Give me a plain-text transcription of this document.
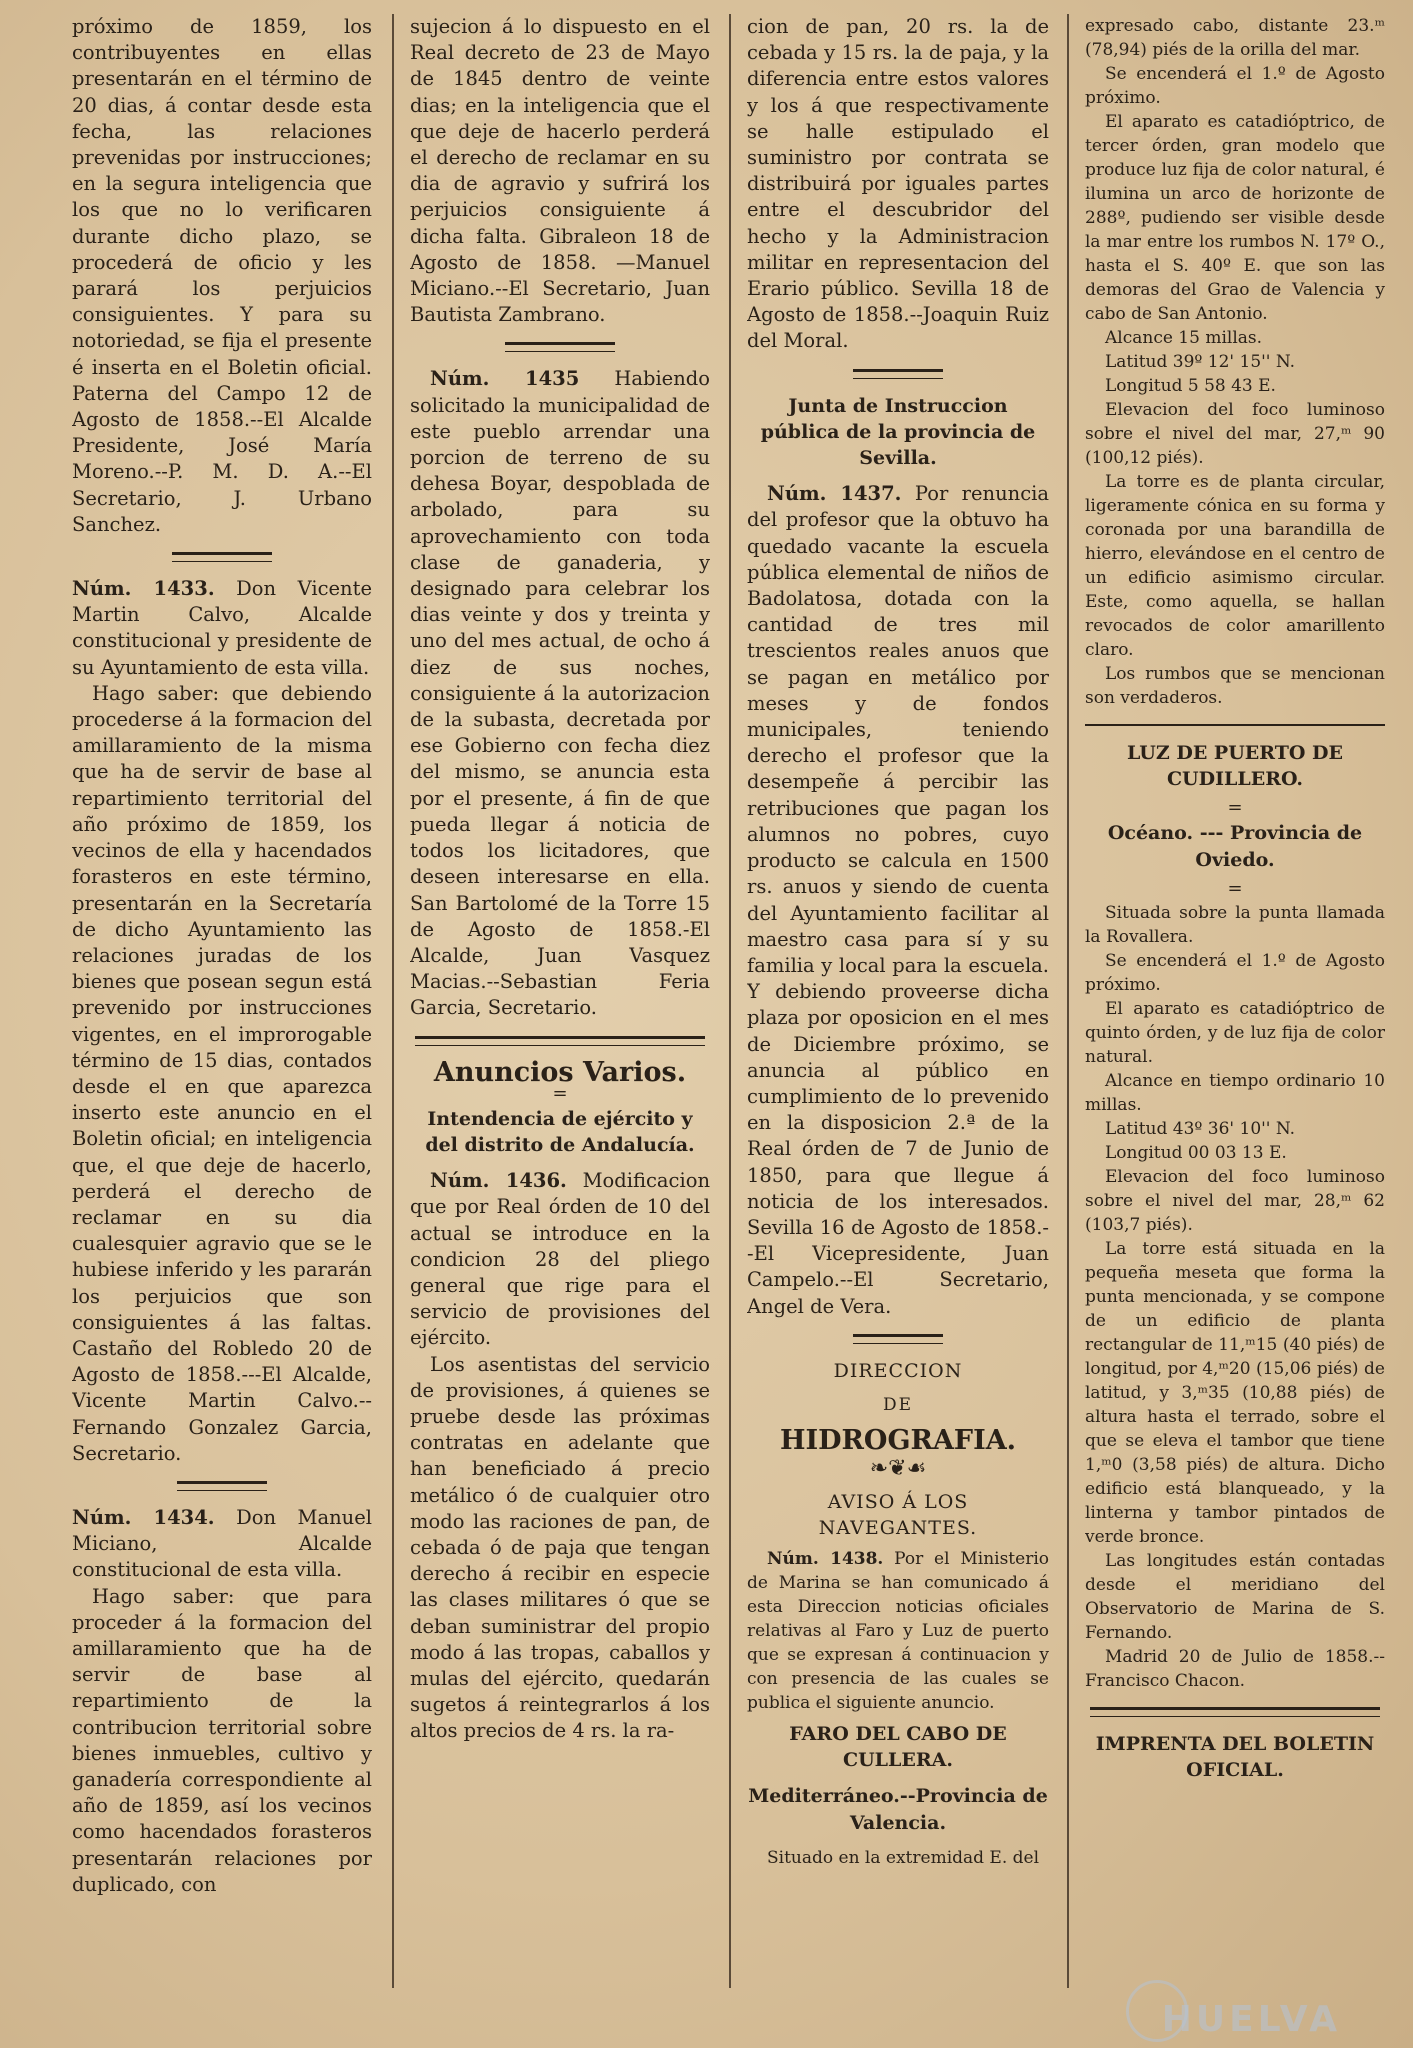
próximo de 1859, los contribuyentes en ellas presentarán en el término de 20 dias, á contar desde esta fecha, las relaciones prevenidas por instrucciones; en la segura inteligencia que los que no lo verificaren durante dicho plazo, se procederá de oficio y les parará los perjuicios consiguientes. Y para su notoriedad, se fija el presente é inserta en el Boletin oficial. Paterna del Campo 12 de Agosto de 1858.--El Alcalde Presidente, José María Moreno.--P. M. D. A.--El Secretario, J. Urbano Sanchez.

Núm. 1433. Don Vicente Martin Calvo, Alcalde constitucional y presidente de su Ayuntamiento de esta villa.

Hago saber: que debiendo procederse á la formacion del amillaramiento de la misma que ha de servir de base al repartimiento territorial del año próximo de 1859, los vecinos de ella y hacendados forasteros en este término, presentarán en la Secretaría de dicho Ayuntamiento las relaciones juradas de los bienes que posean segun está prevenido por instrucciones vigentes, en el improrogable término de 15 dias, contados desde el en que aparezca inserto este anuncio en el Boletin oficial; en inteligencia que, el que deje de hacerlo, perderá el derecho de reclamar en su dia cualesquier agravio que se le hubiese inferido y les pararán los perjuicios que son consiguientes á las faltas. Castaño del Robledo 20 de Agosto de 1858.---El Alcalde, Vicente Martin Calvo.--Fernando Gonzalez Garcia, Secretario.

Núm. 1434. Don Manuel Miciano, Alcalde constitucional de esta villa.

Hago saber: que para proceder á la formacion del amillaramiento que ha de servir de base al repartimiento de la contribucion territorial sobre bienes inmuebles, cultivo y ganadería correspondiente al año de 1859, así los vecinos como hacendados forasteros presentarán relaciones por duplicado, con

sujecion á lo dispuesto en el Real decreto de 23 de Mayo de 1845 dentro de veinte dias; en la inteligencia que el que deje de hacerlo perderá el derecho de reclamar en su dia de agravio y sufrirá los perjuicios consiguiente á dicha falta. Gibraleon 18 de Agosto de 1858. —Manuel Miciano.--El Secretario, Juan Bautista Zambrano.

Núm. 1435 Habiendo solicitado la municipalidad de este pueblo arrendar una porcion de terreno de su dehesa Boyar, despoblada de arbolado, para su aprovechamiento con toda clase de ganaderia, y designado para celebrar los dias veinte y dos y treinta y uno del mes actual, de ocho á diez de sus noches, consiguiente á la autorizacion de la subasta, decretada por ese Gobierno con fecha diez del mismo, se anuncia esta por el presente, á fin de que pueda llegar á noticia de todos los licitadores, que deseen interesarse en ella. San Bartolomé de la Torre 15 de Agosto de 1858.-El Alcalde, Juan Vasquez Macias.--Sebastian Feria Garcia, Secretario.

Anuncios Varios.
=
Intendencia de ejército y del distrito de Andalucía.

Núm. 1436. Modificacion que por Real órden de 10 del actual se introduce en la condicion 28 del pliego general que rige para el servicio de provisiones del ejército.

Los asentistas del servicio de provisiones, á quienes se pruebe desde las próximas contratas en adelante que han beneficiado á precio metálico ó de cualquier otro modo las raciones de pan, de cebada ó de paja que tengan derecho á recibir en especie las clases militares ó que se deban suministrar del propio modo á las tropas, caballos y mulas del ejército, quedarán sugetos á reintegrarlos á los altos precios de 4 rs. la ra-

cion de pan, 20 rs. la de cebada y 15 rs. la de paja, y la diferencia entre estos valores y los á que respectivamente se halle estipulado el suministro por contrata se distribuirá por iguales partes entre el descubridor del hecho y la Administracion militar en representacion del Erario público. Sevilla 18 de Agosto de 1858.--Joaquin Ruiz del Moral.

Junta de Instruccion pública de la provincia de Sevilla.

Núm. 1437. Por renuncia del profesor que la obtuvo ha quedado vacante la escuela pública elemental de niños de Badolatosa, dotada con la cantidad de tres mil trescientos reales anuos que se pagan en metálico por meses y de fondos municipales, teniendo derecho el profesor que la desempeñe á percibir las retribuciones que pagan los alumnos no pobres, cuyo producto se calcula en 1500 rs. anuos y siendo de cuenta del Ayuntamiento facilitar al maestro casa para sí y su familia y local para la escuela. Y debiendo proveerse dicha plaza por oposicion en el mes de Diciembre próximo, se anuncia al público en cumplimiento de lo prevenido en la disposicion 2.ª de la Real órden de 7 de Junio de 1850, para que llegue á noticia de los interesados. Sevilla 16 de Agosto de 1858.--El Vicepresidente, Juan Campelo.--El Secretario, Angel de Vera.

DIRECCION
DE
HIDROGRAFIA.
❧❦☙
AVISO Á LOS NAVEGANTES.

Núm. 1438. Por el Ministerio de Marina se han comunicado á esta Direccion noticias oficiales relativas al Faro y Luz de puerto que se expresan á continuacion y con presencia de las cuales se publica el siguiente anuncio.

FARO DEL CABO DE CULLERA.
Mediterráneo.--Provincia de Valencia.

Situado en la extremidad E. del

expresado cabo, distante 23.ᵐ (78,94) piés de la orilla del mar.

Se encenderá el 1.º de Agosto próximo.

El aparato es catadióptrico, de tercer órden, gran modelo que produce luz fija de color natural, é ilumina un arco de horizonte de 288º, pudiendo ser visible desde la mar entre los rumbos N. 17º O., hasta el S. 40º E. que son las demoras del Grao de Valencia y cabo de San Antonio.

Alcance 15 millas.

Latitud 39º 12' 15'' N.

Longitud 5 58 43 E.

Elevacion del foco luminoso sobre el nivel del mar, 27,ᵐ 90 (100,12 piés).

La torre es de planta circular, ligeramente cónica en su forma y coronada por una barandilla de hierro, elevándose en el centro de un edificio asimismo circular. Este, como aquella, se hallan revocados de color amarillento claro.

Los rumbos que se mencionan son verdaderos.

LUZ DE PUERTO DE CUDILLERO.
=
Océano. --- Provincia de Oviedo.
=

Situada sobre la punta llamada la Rovallera.

Se encenderá el 1.º de Agosto próximo.

El aparato es catadióptrico de quinto órden, y de luz fija de color natural.

Alcance en tiempo ordinario 10 millas.

Latitud 43º 36' 10'' N.

Longitud 00 03 13 E.

Elevacion del foco luminoso sobre el nivel del mar, 28,ᵐ 62 (103,7 piés).

La torre está situada en la pequeña meseta que forma la punta mencionada, y se compone de un edificio de planta rectangular de 11,ᵐ15 (40 piés) de longitud, por 4,ᵐ20 (15,06 piés) de latitud, y 3,ᵐ35 (10,88 piés) de altura hasta el terrado, sobre el que se eleva el tambor que tiene 1,ᵐ0 (3,58 piés) de altura. Dicho edificio está blanqueado, y la linterna y tambor pintados de verde bronce.

Las longitudes están contadas desde el meridiano del Observatorio de Marina de S. Fernando.

Madrid 20 de Julio de 1858.--Francisco Chacon.

IMPRENTA DEL BOLETIN OFICIAL.
HUELVA
